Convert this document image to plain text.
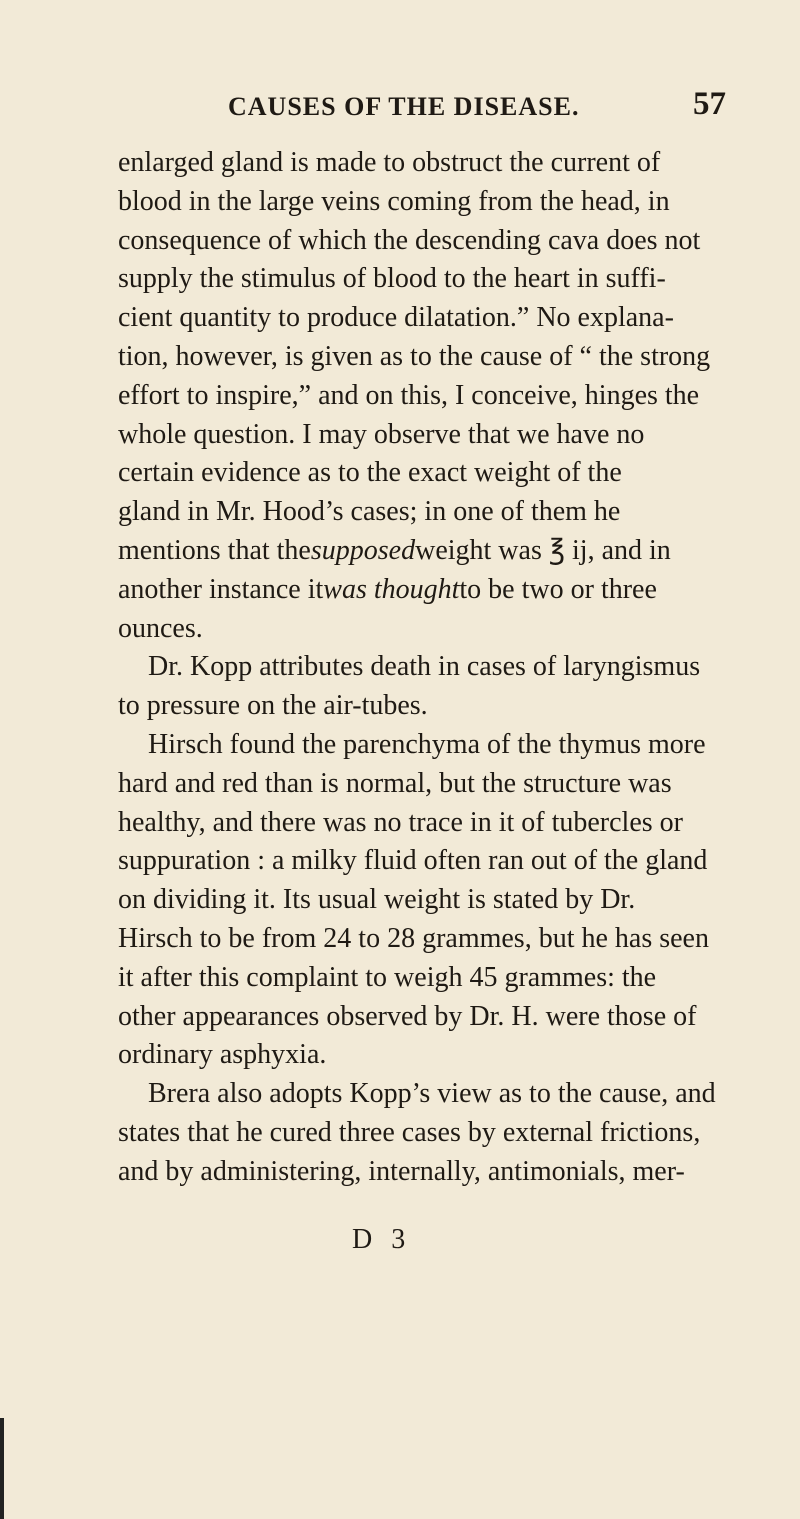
CAUSES OF THE DISEASE.	57
enlarged gland is made to obstruct the current of
blood in the large veins coming from the head, in
consequence of which the descending cava does not
supply the stimulus of blood to the heart in suffi-
cient quantity to produce dilatation.” No explana-
tion, however, is given as to the cause of “ the strong
effort to inspire,” and on this, I conceive, hinges the
whole question. I may observe that we have no
certain evidence as to the exact weight of the
gland in Mr. Hood’s cases; in one of them he
mentions that thesupposedweight was ℥ ij, and in
another instance itwas thoughtto be two or three
ounces.
Dr. Kopp attributes death in cases of laryngismus
to pressure on the air-tubes.
Hirsch found the parenchyma of the thymus more
hard and red than is normal, but the structure was
healthy, and there was no trace in it of tubercles or
suppuration : a milky fluid often ran out of the gland
on dividing it. Its usual weight is stated by Dr.
Hirsch to be from 24 to 28 grammes, but he has seen
it after this complaint to weigh 45 grammes: the
other appearances observed by Dr. H. were those of
ordinary asphyxia.
Brera also adopts Kopp’s view as to the cause, and
states that he cured three cases by external frictions,
and by administering, internally, antimonials, mer-
D 3
